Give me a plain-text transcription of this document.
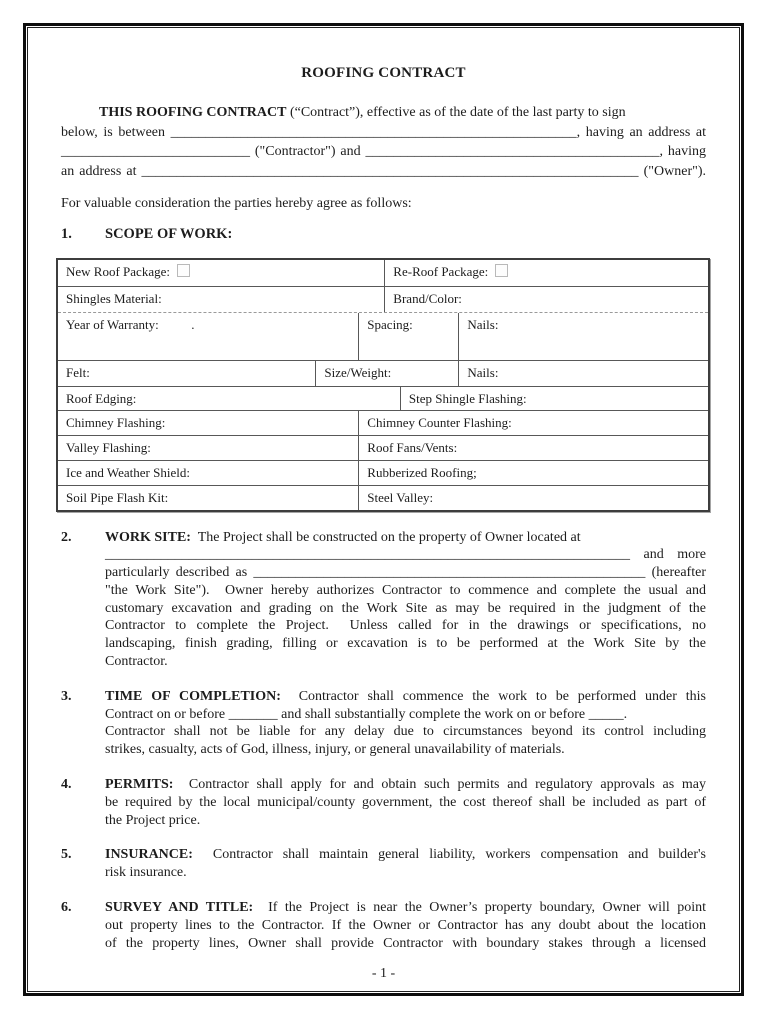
ROOFING CONTRACT
THIS ROOFING CONTRACT (“Contract”), effective as of the date of the last party to sign
below, is between __________________________________________________________, having an address at
___________________________ ("Contractor") and __________________________________________, having
an address at _______________________________________________________________________ ("Owner").

For valuable consideration the parties hereby agree as follows:

1. SCOPE OF WORK:
New Roof Package:	Re-Roof Package:
Shingles Material:	Brand/Color:
Year of Warranty:          .	Spacing:	Nails:
Felt:	Size/Weight:	Nails:
Roof Edging:	Step Shingle Flashing:
Chimney Flashing:	Chimney Counter Flashing:
Valley Flashing:	Roof Fans/Vents:
Ice and Weather Shield:	Rubberized Roofing;
Soil Pipe Flash Kit:	Steel Valley:
2. WORK SITE:  The Project shall be constructed on the property of Owner located at
___________________________________________________________________________ and more
particularly described as ________________________________________________________ (hereafter
"the Work Site").  Owner hereby authorizes Contractor to commence and complete the usual and
customary excavation and grading on the Work Site as may be required in the judgment of the
Contractor to complete the Project.  Unless called for in the drawings or specifications, no
landscaping, finish grading, filling or excavation is to be performed at the Work Site by the
Contractor.
3. TIME OF COMPLETION:  Contractor shall commence the work to be performed under this
Contract on or before _______ and shall substantially complete the work on or before _____.
Contractor shall not be liable for any delay due to circumstances beyond its control including
strikes, casualty, acts of God, illness, injury, or general unavailability of materials.
4. PERMITS:  Contractor shall apply for and obtain such permits and regulatory approvals as may
be required by the local municipal/county government, the cost thereof shall be included as part of
the Project price.
5. INSURANCE:  Contractor shall maintain general liability, workers compensation and builder's
risk insurance.
6. SURVEY AND TITLE:  If the Project is near the Owner’s property boundary, Owner will point
out property lines to the Contractor. If the Owner or Contractor has any doubt about the location
of the property lines, Owner shall provide Contractor with boundary stakes through a licensed
- 1 -
